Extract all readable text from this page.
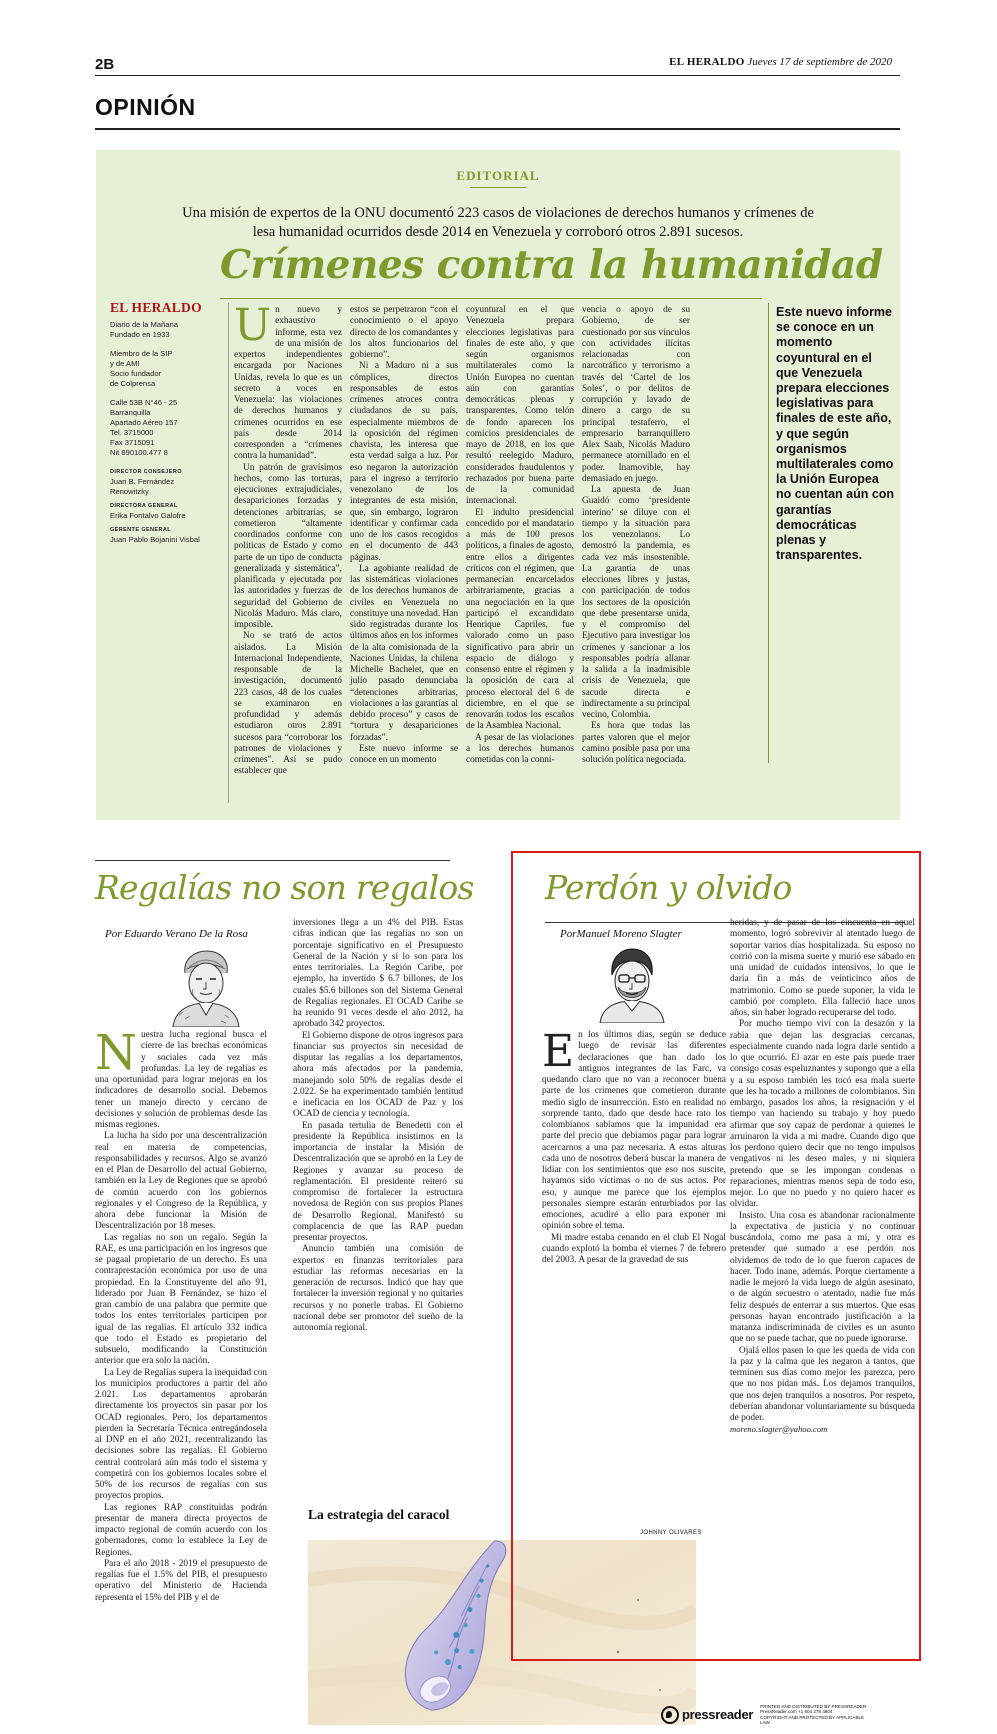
2B	EL HERALDO Jueves 17 de septiembre de 2020
OPINIÓN
EDITORIAL
Una misión de expertos de la ONU documentó 223 casos de violaciones de derechos humanos y crímenes de lesa humanidad ocurridos desde 2014 en Venezuela y corroboró otros 2.891 sucesos.
Crímenes contra la humanidad
EL HERALDO
Diario de la Mañana
Fundado en 1933
Miembro de la SIP
y de AMI
Socio fundador
de Colprensa
Calle 53B N°46 - 25
Barranquilla
Apartado Aéreo 157
Tel. 3715000
Fax 3715091
Nit 890100.477 8
DIRECTOR CONSEJERO
Juan B. Fernández
Renowitzky
DIRECTORA GENERAL
Erika Fontalvo Galofre
GERENTE GENERAL
Juan Pablo Bojanini Visbal

Un nuevo y exhaustivo informe, esta vez de una misión de expertos independientes encargada por Naciones Unidas, revela lo que es un secreto a voces en Venezuela: las violaciones de derechos humanos y crímenes ocurridos en ese país desde 2014 corresponden a “crímenes contra la humanidad”.

Un patrón de gravísimos hechos, como las torturas, ejecuciones extrajudiciales, desapariciones forzadas y detenciones arbitrarias, se cometieron “altamente coordinados conforme con políticas de Estado y como parte de un tipo de conducta generalizada y sistemática”, planificada y ejecutada por las autoridades y fuerzas de seguridad del Gobierno de Nicolás Maduro. Más claro, imposible.

No se trató de actos aislados. La Misión Internacional Independiente, responsable de la investigación, documentó 223 casos, 48 de los cuales se examinaron en profundidad y además estudiaron otros 2.891 sucesos para “corroborar los patrones de violaciones y crímenes”. Así se pudo establecer que

estos se perpetraron “con el conocimiento o el apoyo directo de los comandantes y los altos funcionarios del gobierno”.

Ni a Maduro ni a sus cómplices, directos responsables de estos crímenes atroces contra ciudadanos de su país, especialmente miembros de la oposición del régimen chavista, les interesa que esta verdad salga a luz. Por eso negaron la autorización para el ingreso a territorio venezolano de los integrantes de esta misión, que, sin embargo, lograron identificar y confirmar cada uno de los casos recogidos en el documento de 443 páginas.

La agobiante realidad de las sistemáticas violaciones de los derechos humanos de civiles en Venezuela no constituye una novedad. Han sido registradas durante los últimos años en los informes de la alta comisionada de la Naciones Unidas, la chilena Michelle Bachelet, que en julio pasado denunciaba “detenciones arbitrarias, violaciones a las garantías al debido proceso” y casos de “tortura y desapariciones forzadas”.

Este nuevo informe se conoce en un momento

coyuntural en el que Venezuela prepara elecciones legislativas para finales de este año, y que según organismos multilaterales como la Unión Europea no cuentan aún con garantías democráticas plenas y transparentes. Como telón de fondo aparecen los comicios presidenciales de mayo de 2018, en los que resultó reelegido Maduro, considerados fraudulentos y rechazados por buena parte de la comunidad internacional.

El indulto presidencial concedido por el mandatario a más de 100 presos políticos, a finales de agosto, entre ellos a dirigentes críticos con el régimen, que permanecían encarcelados arbitrariamente, gracias a una negociación en la que participó el excandidato Henrique Capriles, fue valorado como un paso significativo para abrir un espacio de diálogo y consenso entre el régimen y la oposición de cara al proceso electoral del 6 de diciembre, en el que se renovarán todos los escaños de la Asamblea Nacional.

A pesar de las violaciones a los derechos humanos cometidas con la conni-

vencia o apoyo de su Gobierno, de ser cuestionado por sus vínculos con actividades ilícitas relacionadas con narcotráfico y terrorismo a través del ‘Cartel de los Soles’, o por delitos de corrupción y lavado de dinero a cargo de su principal testaferro, el empresario barranquillero Alex Saab, Nicolás Maduro permanece atornillado en el poder. Inamovible, hay demasiado en juego.

La apuesta de Juan Guaidó como ‘presidente interino’ se diluye con el tiempo y la situación para los venezolanos. Lo demostró la pandemia, es cada vez más insostenible. La garantía de unas elecciones libres y justas, con participación de todos los sectores de la oposición que debe presentarse unida, y el compromiso del Ejecutivo para investigar los crímenes y sancionar a los responsables podría allanar la salida a la inadmisible crisis de Venezuela, que sacude directa e indirectamente a su principal vecino, Colombia.

Es hora que todas las partes valoren que el mejor camino posible pasa por una solución política negociada.

Este nuevo informe se conoce en un momento coyuntural en el que Venezuela prepara elecciones legislativas para finales de este año, y que según organismos multilaterales como la Unión Europea no cuentan aún con garantías democráticas plenas y transparentes.
Regalías no son regalos
Por Eduardo Verano De la Rosa

Nuestra lucha regional busca el cierre de las brechas económicas y sociales cada vez más profundas. La ley de regalías es una oportunidad para lograr mejoras en los indicadores de desarrollo social. Debemos tener un manejo directo y cercano de decisiones y solución de problemas desde las mismas regiones.

La lucha ha sido por una descentralización real en materia de competencias, responsabilidades y recursos. Algo se avanzó en el Plan de Desarrollo del actual Gobierno, también en la Ley de Regiones que se aprobó de común acuerdo con los gobiernos regionales y el Congreso de la República, y ahora debe funcionar la Misión de Descentralización por 18 meses.

Las regalías no son un regalo. Según la RAE, es una participación en los ingresos que se pagaal propietario de un derecho. Es una contraprestación económica por uso de una propiedad. En la Constituyente del año 91, liderado por Juan B Fernández, se hizo el gran cambio de una palabra que permite que todos los entes territoriales participen por igual de las regalías. El artículo 332 indica que todo el Estado es propietario del subsuelo, modificando la Constitución anterior que era solo la nación.

La Ley de Regalías supera la inequidad con los municipios productores a partir del año 2.021. Los departamentos aprobarán directamente los proyectos sin pasar por los OCAD regionales. Pero, los departamentos pierden la Secretaría Técnica entregándosela al DNP en el año 2021, recentralizando las decisiones sobre las regalías. El Gobierno central controlará aún más todo el sistema y competirá con los gobiernos locales sobre el 50% de los recursos de regalías con sus proyectos propios.

Las regiones RAP constituidas podrán presentar de manera directa proyectos de impacto regional de común acuerdo con los gobernadores, como lo establece la Ley de Regiones.

Para el año 2018 - 2019 el presupuesto de regalías fue el 1.5% del PIB, el presupuesto operativo del Ministerio de Hacienda representa el 15% del PIB y el de

inversiones llega a un 4% del PIB. Estas cifras indican que las regalías no son un porcentaje significativo en el Presupuesto General de la Nación y sí lo son para los entes territoriales. La Región Caribe, por ejemplo, ha invertido $ 6.7 billones, de los cuales $5.6 billones son del Sistema General de Regalías regionales. El OCAD Caribe se ha reunido 91 veces desde el año 2012, ha aprobado 342 proyectos.

El Gobierno dispone de otros ingresos para financiar sus proyectos sin necesidad de disputar las regalías a los departamentos, ahora más afectados por la pandemia, manejando solo 50% de regalías desde el 2.022. Se ha experimentado también lentitud e ineficacia en los OCAD de Paz y los OCAD de ciencia y tecnología.

En pasada tertulia de Benedetti con el presidente la República insistimos en la importancia de instalar la Misión de Descentralización que se aprobó en la Ley de Regiones y avanzar su proceso de reglamentación. El presidente reiteró su compromiso de fortalecer la estructura novedosa de Región con sus propios Planes de Desarrollo Regional. Manifestó su complacencia de que las RAP puedan presentar proyectos.

Anuncio también una comisión de expertos en finanzas territoriales para estudiar las reformas necesarias en la generación de recursos. Indicó que hay que fortalecer la inversión regional y no quitarles recursos y no ponerle trabas. El Gobierno nacional debe ser promotor del sueño de la autonomía regional.

La estrategia del caracol
JOHNNY OLIVARES
Perdón y olvido
PorManuel Moreno Slagter

En los últimos días, según se deduce luego de revisar las diferentes declaraciones que han dado los antiguos integrantes de las Farc, va quedando claro que no van a reconocer buena parte de los crímenes que cometieron durante medio siglo de insurrección. Esto en realidad no sorprende tanto, dado que desde hace rato los colombianos sabíamos que la impunidad era parte del precio que debíamos pagar para lograr acercarnos a una paz necesaria. A estas alturas cada uno de nosotros deberá buscar la manera de lidiar con los sentimientos que eso nos suscite, hayamos sido víctimas o no de sus actos. Por eso, y aunque me parece que los ejemplos personales siempre estarán enturbiados por las emociones, acudiré a ello para exponer mi opinión sobre el tema.

Mi madre estaba cenando en el club El Nogal cuando explotó la bomba el viernes 7 de febrero del 2003. A pesar de la gravedad de sus

heridas, y de pasar de los cincuenta en aquel momento, logró sobrevivir al atentado luego de soportar varios días hospitalizada. Su esposo no corrió con la misma suerte y murió ese sábado en una unidad de cuidados intensivos, lo que le daría fin a más de veinticinco años de matrimonio. Como se puede suponer, la vida le cambió por completo. Ella falleció hace unos años, sin haber logrado recuperarse del todo.

Por mucho tiempo viví con la desazón y la rabia que dejan las desgracias cercanas, especialmente cuando nada logra darle sentido a lo que ocurrió. El azar en este país puede traer consigo cosas espeluznantes y supongo que a ella y a su esposo también les tocó esa mala suerte que les ha tocado a millones de colombianos. Sin embargo, pasados los años, la resignación y el tiempo van haciendo su trabajo y hoy puedo afirmar que soy capaz de perdonar a quienes le arruinaron la vida a mi madre. Cuando digo que los perdono quiero decir que no tengo impulsos vengativos ni les deseo males, y ni siquiera pretendo que se les impongan condenas o reparaciones, mientras menos sepa de todo eso, mejor. Lo que no puedo y no quiero hacer es olvidar.

Insisto. Una cosa es abandonar racionalmente la expectativa de justicia y no continuar buscándola, como me pasa a mí, y otra es pretender que sumado a ese perdón nos olvidemos de todo de lo que fueron capaces de hacer. Todo inane, además. Porque ciertamente a nadie le mejoró la vida luego de algún asesinato, o de algún secuestro o atentado, nadie fue más feliz después de enterrar a sus muertos. Que esas personas hayan encontrado justificación a la matanza indiscriminada de civiles es un asunto que no se puede tachar, que no puede ignorarse.

Ojalá ellos pasen lo que les queda de vida con la paz y la calma que les negaron a tantos, que terminen sus días como mejor les parezca, pero que no nos pidan más. Los dejamos tranquilos, que nos dejen tranquilos a nosotros. Por respeto, deberían abandonar voluntariamente su búsqueda de poder.

moreno.slagter@yahoo.com

pressreader
PRINTED AND DISTRIBUTED BY PRESSREADER
PressReader.com +1 604 278 4604
COPYRIGHT AND PROTECTED BY APPLICABLE LAW
